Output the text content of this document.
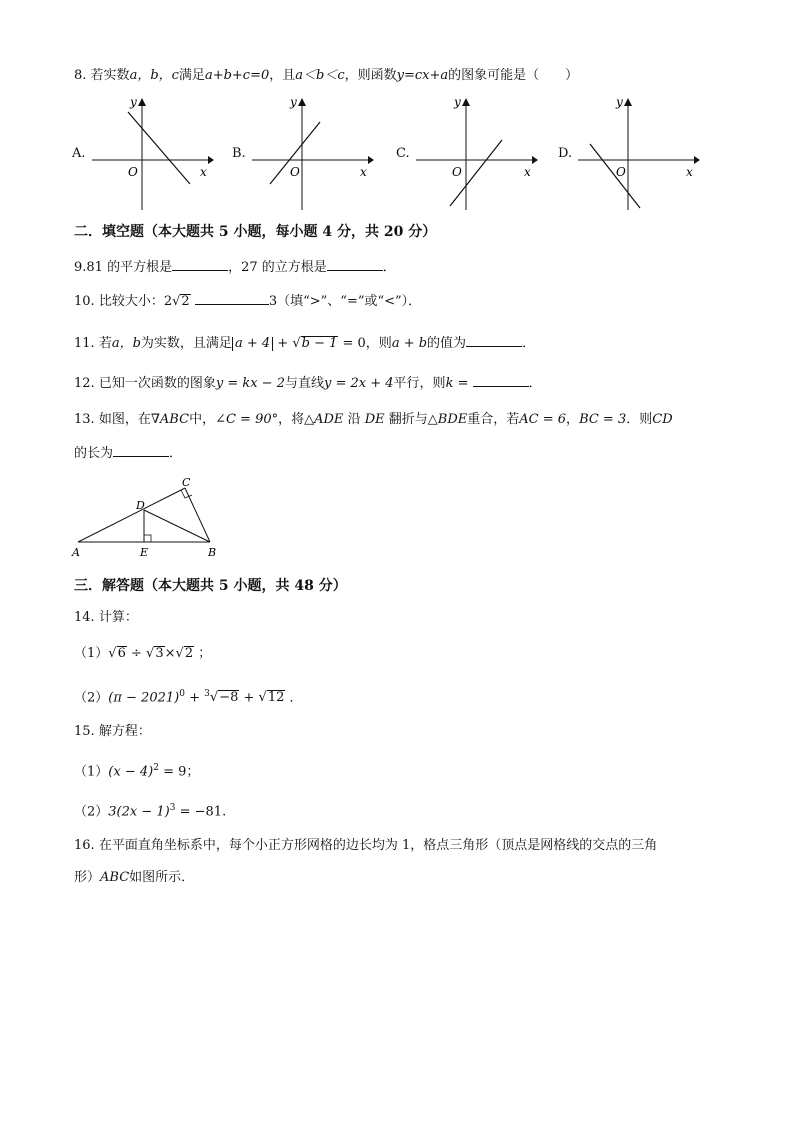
8. 若实数a，b，c满足a+b+c=0，且a＜b＜c，则函数y=cx+a的图象可能是（　　）
A.
O	x
y
B.
O	x
y
C.
O	x
y
D.
O	x
y
二．填空题（本大题共 5 小题，每小题 4 分，共 20 分）
9.81 的平方根是	，27 的立方根是	．
10. 比较大小：2√2	3（填“>”、“=”或“<”）．
11. 若a，b为实数，且满足 a + 4 + √b − 1 = 0，则a + b的值为	．
12. 已知一次函数的图象y = kx − 2与直线y = 2x + 4平行，则k =	．
13. 如图，在∇ABC中，∠C = 90°，将△ADE 沿 DE 翻折与△BDE重合，若AC = 6，BC = 3．则CD
的长为	．
A	E	B
D
C
三．解答题（本大题共 5 小题，共 48 分）
14. 计算：
（1）√6 ÷ √3×√2 ；
$(2)(\pi - 2021)^0 + ^3√-8 + √12$ ．
15. 解方程：
$(1)(x - 4)^2 = 9$；
$(2)3(2x - 1)^3 = -81$.
16. 在平面直角坐标系中，每个小正方形网格的边长均为 1，格点三角形（顶点是网格线的交点的三角
形）ABC如图所示．
